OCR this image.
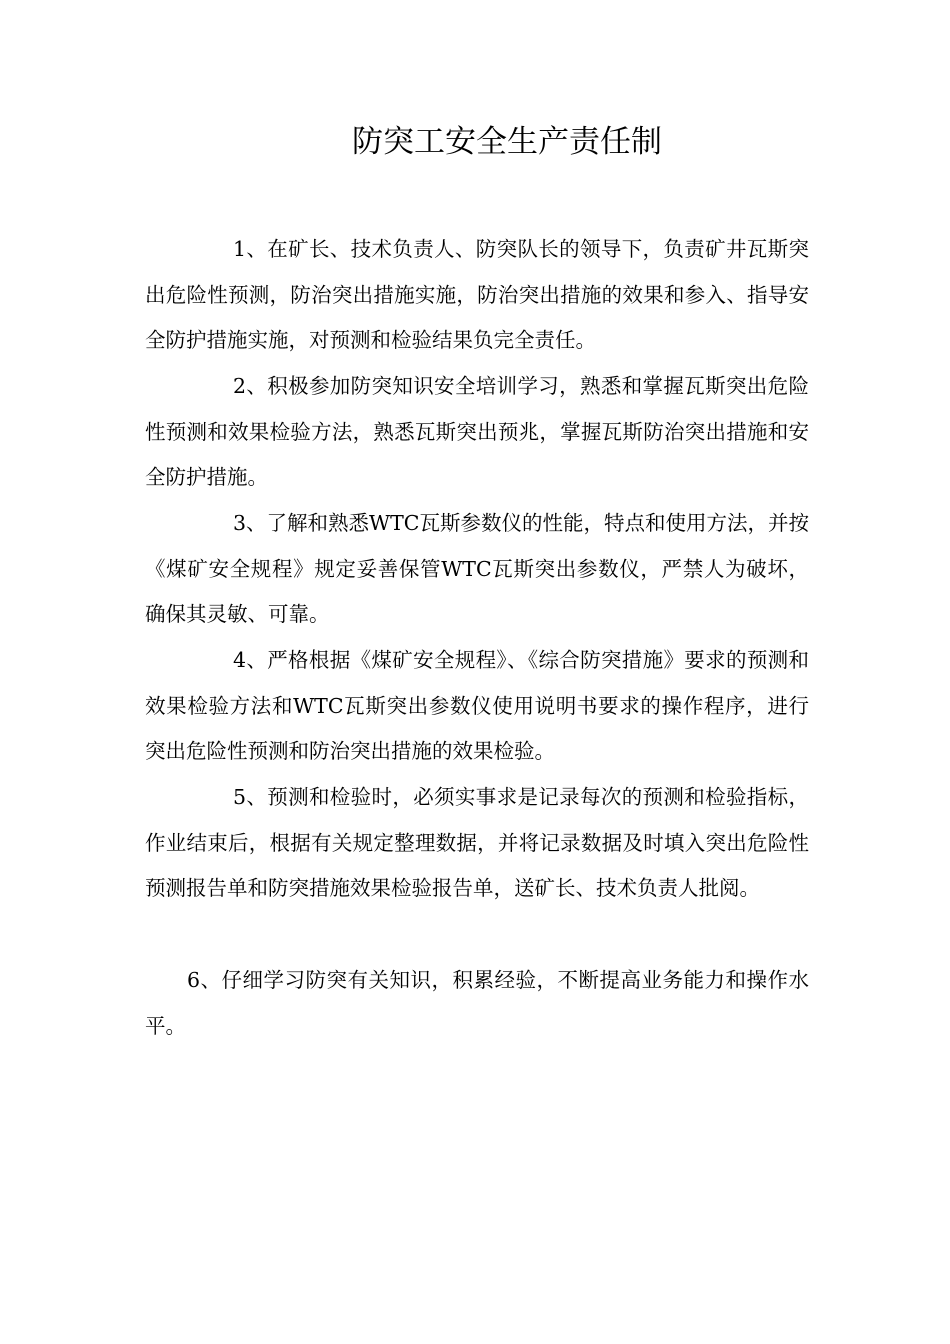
防突工安全生产责任制

1、在矿长、技术负责人、防突队长的领导下，负责矿井瓦斯突出危险性预测，防治突出措施实施，防治突出措施的效果和参入、指导安全防护措施实施，对预测和检验结果负完全责任。

2、积极参加防突知识安全培训学习，熟悉和掌握瓦斯突出危险性预测和效果检验方法，熟悉瓦斯突出预兆，掌握瓦斯防治突出措施和安全防护措施。

3、了解和熟悉WTC瓦斯参数仪的性能，特点和使用方法，并按《煤矿安全规程》规定妥善保管WTC瓦斯突出参数仪，严禁人为破坏，确保其灵敏、可靠。

4、严格根据《煤矿安全规程》、《综合防突措施》要求的预测和效果检验方法和WTC瓦斯突出参数仪使用说明书要求的操作程序，进行突出危险性预测和防治突出措施的效果检验。

5、预测和检验时，必须实事求是记录每次的预测和检验指标，作业结束后，根据有关规定整理数据，并将记录数据及时填入突出危险性预测报告单和防突措施效果检验报告单，送矿长、技术负责人批阅。

6、仔细学习防突有关知识，积累经验，不断提高业务能力和操作水平。
